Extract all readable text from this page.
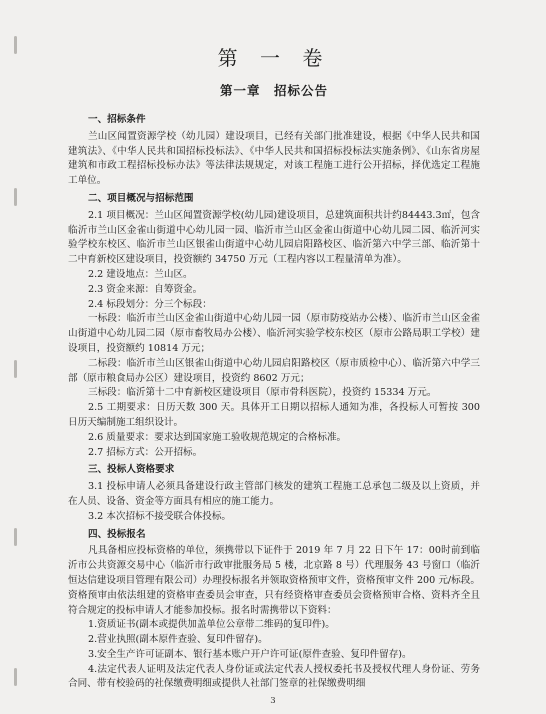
第 一 卷
第一章　招标公告
一、招标条件

兰山区闻置资源学校（幼儿园）建设项目，已经有关部门批准建设，根据《中华人民共和国建筑法》、《中华人民共和国招标投标法》、《中华人民共和国招标投标法实施条例》、《山东省房屋建筑和市政工程招标投标办法》等法律法规规定，对该工程施工进行公开招标，择优选定工程施工单位。

二、项目概况与招标范围

2.1 项目概况：兰山区闻置资源学校(幼儿园)建设项目，总建筑面积共计约84443.3㎡，包含临沂市兰山区金雀山街道中心幼儿园一园、临沂市兰山区金雀山街道中心幼儿园二园、临沂河实验学校东校区、临沂市兰山区银雀山街道中心幼儿园启阳路校区、临沂第六中学三部、临沂第十二中育新校区建设项目，投资额约 34750 万元（工程内容以工程量清单为准）。

2.2 建设地点：兰山区。

2.3 资金来源：自筹资金。

2.4 标段划分：分三个标段：

一标段：临沂市兰山区金雀山街道中心幼儿园一园（原市防疫站办公楼）、临沂市兰山区金雀山街道中心幼儿园二园（原市畜牧局办公楼）、临沂河实验学校东校区（原市公路局职工学校）建设项目，投资额约 10814 万元；

二标段：临沂市兰山区银雀山街道中心幼儿园启阳路校区（原市质检中心）、临沂第六中学三部（原市粮食局办公区）建设项目，投资约 8602 万元；

三标段：临沂第十二中育新校区建设项目（原市骨科医院），投资约 15334 万元。

2.5 工期要求：日历天数 300 天。具体开工日期以招标人通知为准，各投标人可暂按 300 日历天编制施工组织设计。

2.6 质量要求：要求达到国家施工验收规范规定的合格标准。

2.7 招标方式：公开招标。

三、投标人资格要求

3.1 投标申请人必须具备建设行政主管部门核发的建筑工程施工总承包二级及以上资质，并在人员、设备、资金等方面具有相应的施工能力。

3.2 本次招标不接受联合体投标。

四、投标报名

凡具备相应投标资格的单位，须携带以下证件于 2019 年 7 月 22 日下午 17：00时前到临沂市公共资源交易中心（临沂市行政审批服务局 5 楼，北京路 8 号）代理服务 43 号窗口（临沂恒达信建设项目管理有限公司）办理投标报名并领取资格预审文件，资格预审文件 200 元/标段。资格预审由依法组建的资格审查委员会审查，只有经资格审查委员会资格预审合格、资料齐全且符合规定的投标申请人才能参加投标。报名时需携带以下资料：

1.资质证书(副本或提供加盖单位公章带二维码的复印件)。

2.营业执照(副本原件查验、复印件留存)。

3.安全生产许可证副本、银行基本账户开户许可证(原件查验、复印件留存)。

4.法定代表人证明及法定代表人身份证或法定代表人授权委托书及授权代理人身份证、劳务合同、带有校验码的社保缴费明细或提供人社部门签章的社保缴费明细

3
